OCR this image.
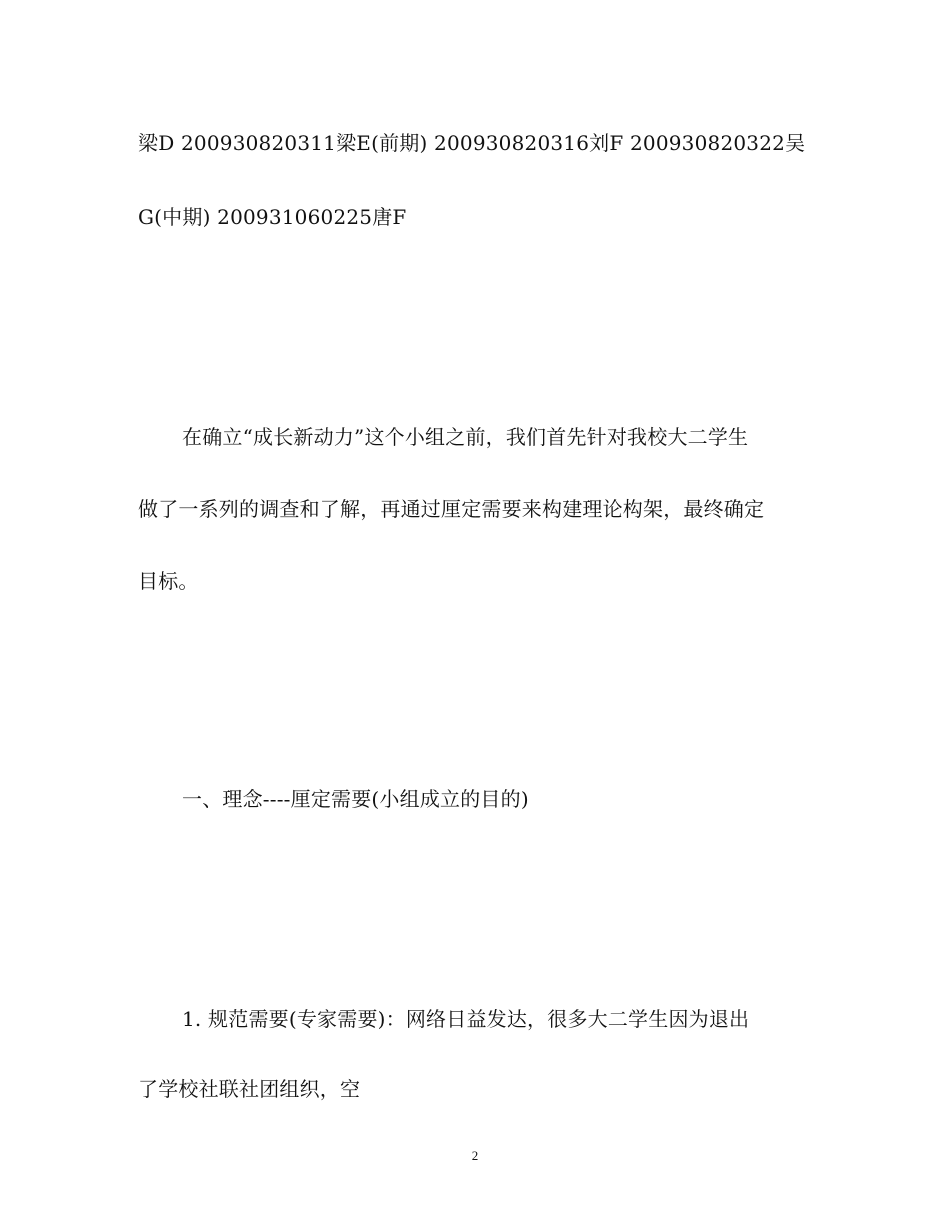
梁D 200930820311梁E(前期) 200930820316刘F 200930820322吴
G(中期) 200931060225唐F
在确立“成长新动力”这个小组之前，我们首先针对我校大二学生
做了一系列的调查和了解，再通过厘定需要来构建理论构架，最终确定
目标。
一、理念----厘定需要(小组成立的目的)
1. 规范需要(专家需要)：网络日益发达，很多大二学生因为退出
了学校社联社团组织，空
2
